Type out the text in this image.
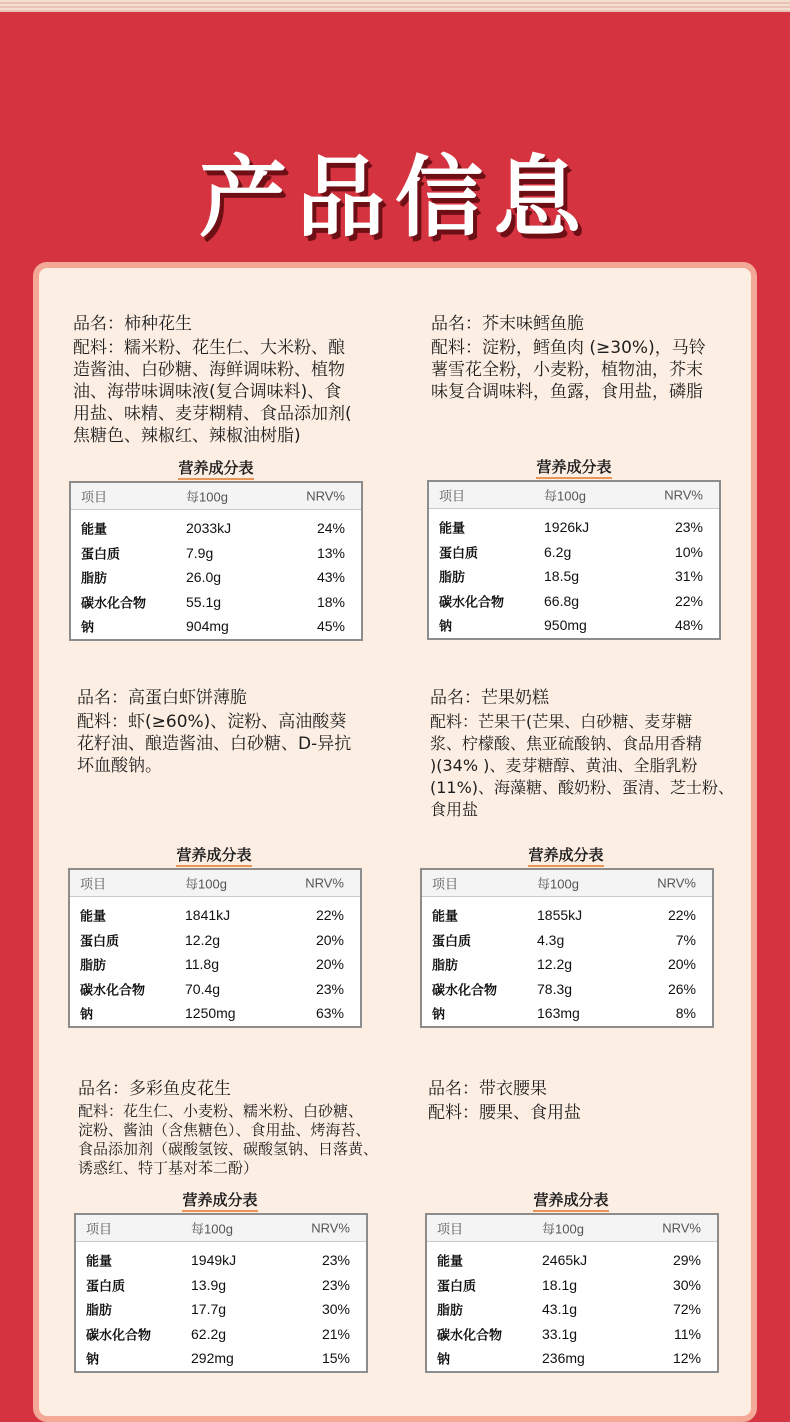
产品信息
品名：柿种花生
配料：糯米粉、花生仁、大米粉、酿
造酱油、白砂糖、海鲜调味粉、植物
油、海带味调味液(复合调味料)、食
用盐、味精、麦芽糊精、食品添加剂(
焦糖色、辣椒红、辣椒油树脂)
营养成分表
项目	每100g	NRV%
能量	2033kJ	24%
蛋白质	7.9g	13%
脂肪	26.0g	43%
碳水化合物	55.1g	18%
钠	904mg	45%
品名：芥末味鳕鱼脆
配料：淀粉，鳕鱼肉 (≥30%)，马铃
薯雪花全粉，小麦粉，植物油，芥末
味复合调味料，鱼露，食用盐，磷脂
营养成分表
项目	每100g	NRV%
能量	1926kJ	23%
蛋白质	6.2g	10%
脂肪	18.5g	31%
碳水化合物	66.8g	22%
钠	950mg	48%
品名：高蛋白虾饼薄脆
配料：虾(≥60%)、淀粉、高油酸葵
花籽油、酿造酱油、白砂糖、D-异抗
坏血酸钠。
营养成分表
项目	每100g	NRV%
能量	1841kJ	22%
蛋白质	12.2g	20%
脂肪	11.8g	20%
碳水化合物	70.4g	23%
钠	1250mg	63%
品名：芒果奶糕
配料：芒果干(芒果、白砂糖、麦芽糖
浆、柠檬酸、焦亚硫酸钠、食品用香精
)(34% )、麦芽糖醇、黄油、全脂乳粉
(11%)、海藻糖、酸奶粉、蛋清、芝士粉、
食用盐
营养成分表
项目	每100g	NRV%
能量	1855kJ	22%
蛋白质	4.3g	7%
脂肪	12.2g	20%
碳水化合物	78.3g	26%
钠	163mg	8%
品名：多彩鱼皮花生
配料：花生仁、小麦粉、糯米粉、白砂糖、
淀粉、酱油（含焦糖色）、食用盐、烤海苔、
食品添加剂（碳酸氢铵、碳酸氢钠、日落黄、
诱惑红、特丁基对苯二酚）
营养成分表
项目	每100g	NRV%
能量	1949kJ	23%
蛋白质	13.9g	23%
脂肪	17.7g	30%
碳水化合物	62.2g	21%
钠	292mg	15%
品名：带衣腰果
配料：腰果、食用盐
营养成分表
项目	每100g	NRV%
能量	2465kJ	29%
蛋白质	18.1g	30%
脂肪	43.1g	72%
碳水化合物	33.1g	11%
钠	236mg	12%
